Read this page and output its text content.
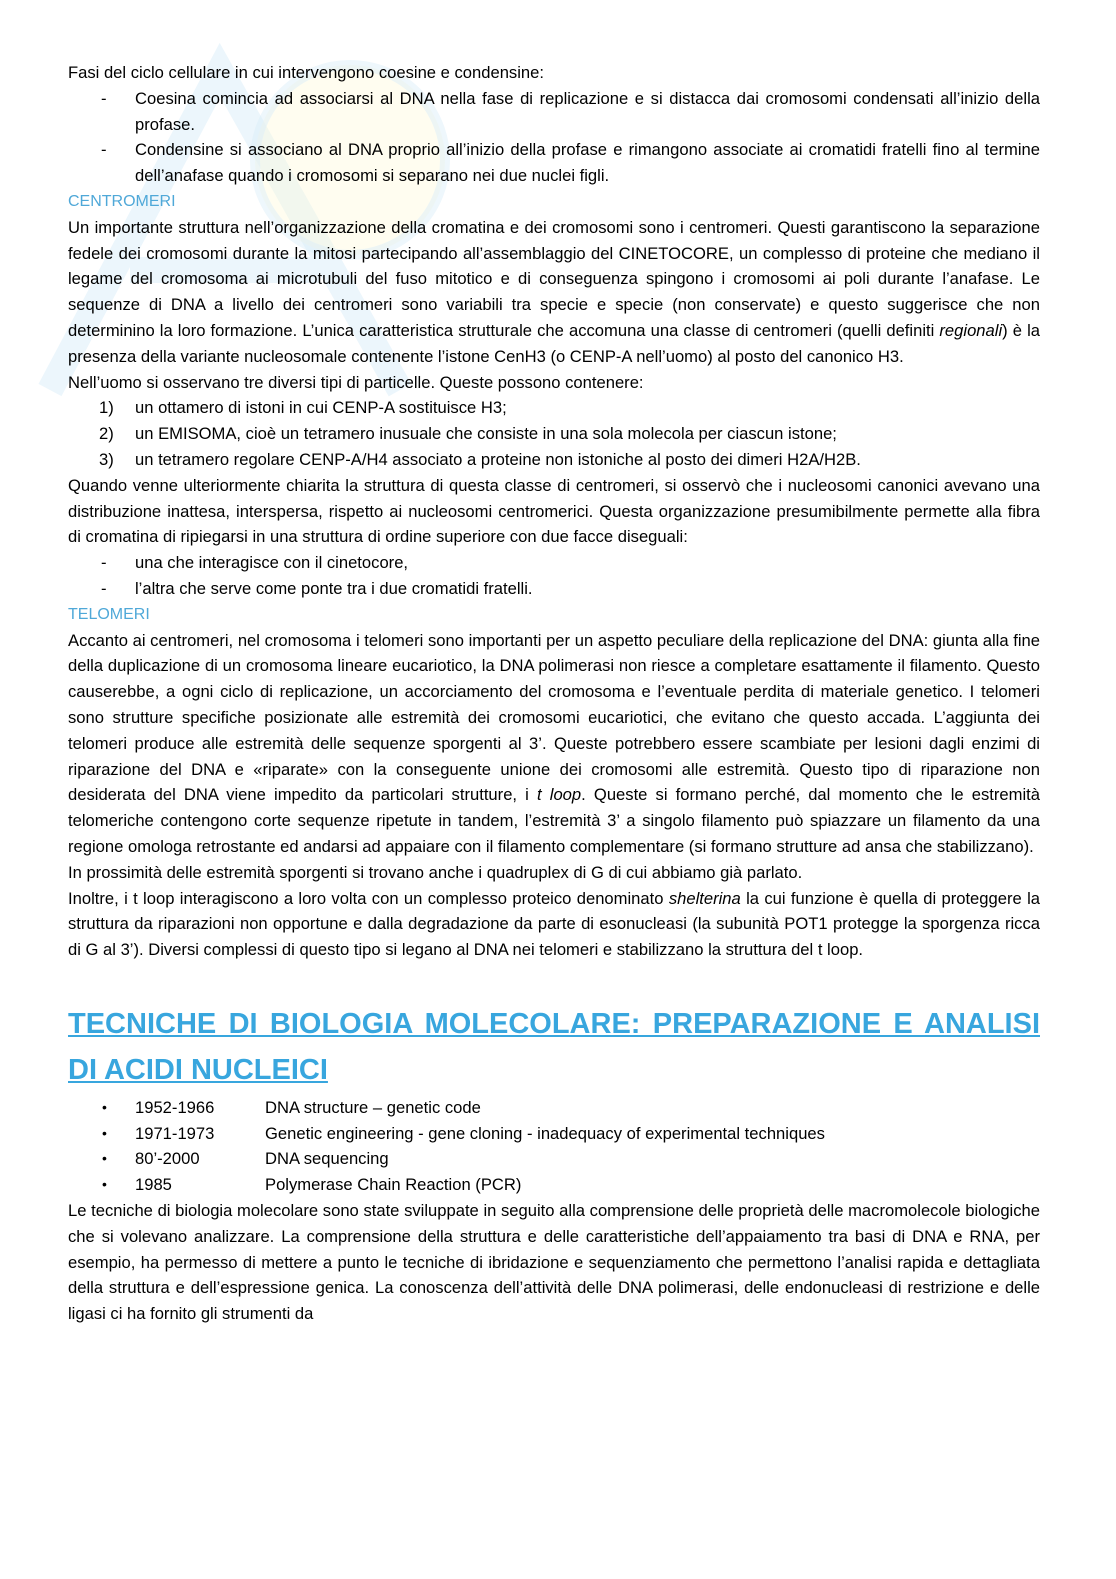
Fasi del ciclo cellulare in cui intervengono coesine e condensine:

- Coesina comincia ad associarsi al DNA nella fase di replicazione e si distacca dai cromosomi condensati all’inizio della profase.
- Condensine si associano al DNA proprio all’inizio della profase e rimangono associate ai cromatidi fratelli fino al termine dell’anafase quando i cromosomi si separano nei due nuclei figli.

CENTROMERI

Un importante struttura nell’organizzazione della cromatina e dei cromosomi sono i centromeri. Questi garantiscono la separazione fedele dei cromosomi durante la mitosi partecipando all’assemblaggio del CINETOCORE, un complesso di proteine che mediano il legame del cromosoma ai microtubuli del fuso mitotico e di conseguenza spingono i cromosomi ai poli durante l’anafase. Le sequenze di DNA a livello dei centromeri sono variabili tra specie e specie (non conservate) e questo suggerisce che non determinino la loro formazione. L’unica caratteristica strutturale che accomuna una classe di centromeri (quelli definiti regionali) è la presenza della variante nucleosomale contenente l’istone CenH3 (o CENP-A nell’uomo) al posto del canonico H3.

Nell’uomo si osservano tre diversi tipi di particelle. Queste possono contenere:

1) un ottamero di istoni in cui CENP-A sostituisce H3;
2) un EMISOMA, cioè un tetramero inusuale che consiste in una sola molecola per ciascun istone;
3) un tetramero regolare CENP-A/H4 associato a proteine non istoniche al posto dei dimeri H2A/H2B.

Quando venne ulteriormente chiarita la struttura di questa classe di centromeri, si osservò che i nucleosomi canonici avevano una distribuzione inattesa, interspersa, rispetto ai nucleosomi centromerici. Questa organizzazione presumibilmente permette alla fibra di cromatina di ripiegarsi in una struttura di ordine superiore con due facce diseguali:

- una che interagisce con il cinetocore,
- l’altra che serve come ponte tra i due cromatidi fratelli.

TELOMERI

Accanto ai centromeri, nel cromosoma i telomeri sono importanti per un aspetto peculiare della replicazione del DNA: giunta alla fine della duplicazione di un cromosoma lineare eucariotico, la DNA polimerasi non riesce a completare esattamente il filamento. Questo causerebbe, a ogni ciclo di replicazione, un accorciamento del cromosoma e l’eventuale perdita di materiale genetico. I telomeri sono strutture specifiche posizionate alle estremità dei cromosomi eucariotici, che evitano che questo accada. L’aggiunta dei telomeri produce alle estremità delle sequenze sporgenti al 3’. Queste potrebbero essere scambiate per lesioni dagli enzimi di riparazione del DNA e «riparate» con la conseguente unione dei cromosomi alle estremità. Questo tipo di riparazione non desiderata del DNA viene impedito da particolari strutture, i t loop. Queste si formano perché, dal momento che le estremità telomeriche contengono corte sequenze ripetute in tandem, l’estremità 3’ a singolo filamento può spiazzare un filamento da una regione omologa retrostante ed andarsi ad appaiare con il filamento complementare (si formano strutture ad ansa che stabilizzano).

In prossimità delle estremità sporgenti si trovano anche i quadruplex di G di cui abbiamo già parlato.

Inoltre, i t loop interagiscono a loro volta con un complesso proteico denominato shelterina la cui funzione è quella di proteggere la struttura da riparazioni non opportune e dalla degradazione da parte di esonucleasi (la subunità POT1 protegge la sporgenza ricca di G al 3’). Diversi complessi di questo tipo si legano al DNA nei telomeri e stabilizzano la struttura del t loop.

TECNICHE DI BIOLOGIA MOLECOLARE: PREPARAZIONE E ANALISI DI ACIDI NUCLEICI
• 1952-1966	DNA structure – genetic code
• 1971-1973	Genetic engineering - gene cloning - inadequacy of experimental techniques
• 80’-2000	DNA sequencing
• 1985	Polymerase Chain Reaction (PCR)

Le tecniche di biologia molecolare sono state sviluppate in seguito alla comprensione delle proprietà delle macromolecole biologiche che si volevano analizzare. La comprensione della struttura e delle caratteristiche dell’appaiamento tra basi di DNA e RNA, per esempio, ha permesso di mettere a punto le tecniche di ibridazione e sequenziamento che permettono l’analisi rapida e dettagliata della struttura e dell’espressione genica. La conoscenza dell’attività delle DNA polimerasi, delle endonucleasi di restrizione e delle ligasi ci ha fornito gli strumenti da
